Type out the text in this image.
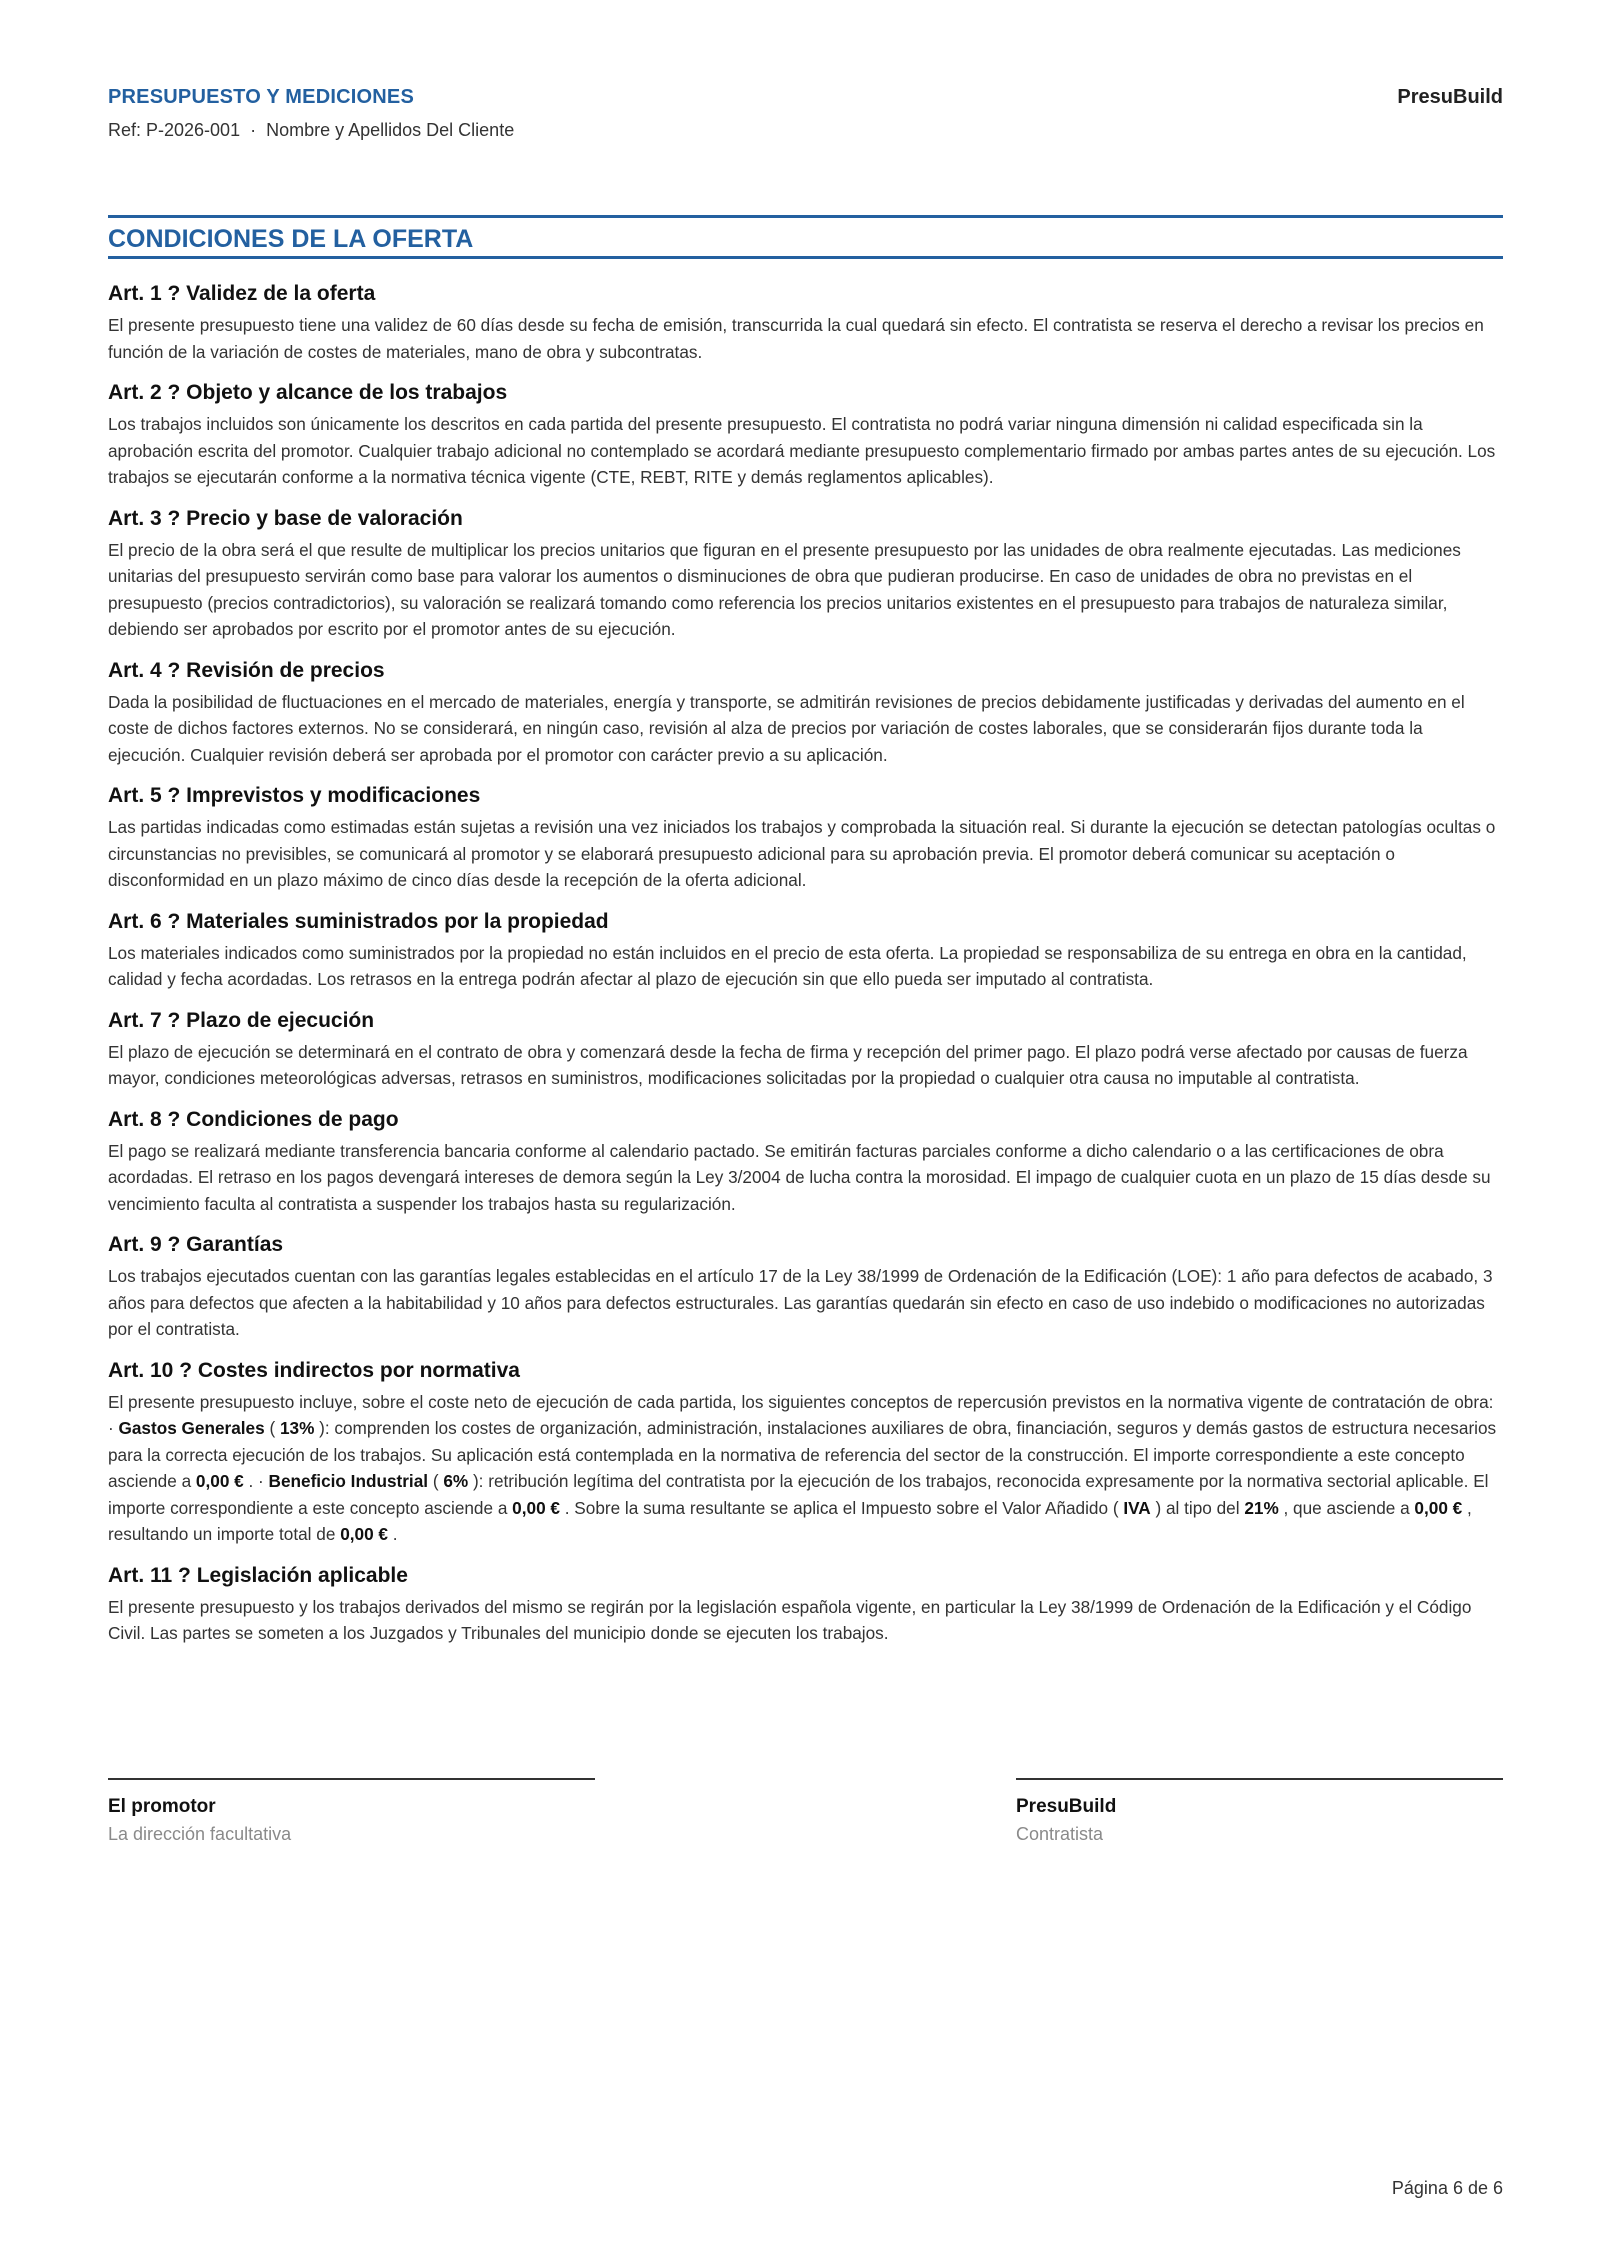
PRESUPUESTO Y MEDICIONES	PresuBuild
Ref: P-2026-001 · Nombre y Apellidos Del Cliente
CONDICIONES DE LA OFERTA
Art. 1 ? Validez de la oferta

El presente presupuesto tiene una validez de 60 días desde su fecha de emisión, transcurrida la cual quedará sin efecto. El contratista se reserva el derecho a revisar los precios en función de la variación de costes de materiales, mano de obra y subcontratas.

Art. 2 ? Objeto y alcance de los trabajos

Los trabajos incluidos son únicamente los descritos en cada partida del presente presupuesto. El contratista no podrá variar ninguna dimensión ni calidad especificada sin la aprobación escrita del promotor. Cualquier trabajo adicional no contemplado se acordará mediante presupuesto complementario firmado por ambas partes antes de su ejecución. Los trabajos se ejecutarán conforme a la normativa técnica vigente (CTE, REBT, RITE y demás reglamentos aplicables).

Art. 3 ? Precio y base de valoración

El precio de la obra será el que resulte de multiplicar los precios unitarios que figuran en el presente presupuesto por las unidades de obra realmente ejecutadas. Las mediciones unitarias del presupuesto servirán como base para valorar los aumentos o disminuciones de obra que pudieran producirse. En caso de unidades de obra no previstas en el presupuesto (precios contradictorios), su valoración se realizará tomando como referencia los precios unitarios existentes en el presupuesto para trabajos de naturaleza similar, debiendo ser aprobados por escrito por el promotor antes de su ejecución.

Art. 4 ? Revisión de precios

Dada la posibilidad de fluctuaciones en el mercado de materiales, energía y transporte, se admitirán revisiones de precios debidamente justificadas y derivadas del aumento en el coste de dichos factores externos. No se considerará, en ningún caso, revisión al alza de precios por variación de costes laborales, que se considerarán fijos durante toda la ejecución. Cualquier revisión deberá ser aprobada por el promotor con carácter previo a su aplicación.

Art. 5 ? Imprevistos y modificaciones

Las partidas indicadas como estimadas están sujetas a revisión una vez iniciados los trabajos y comprobada la situación real. Si durante la ejecución se detectan patologías ocultas o circunstancias no previsibles, se comunicará al promotor y se elaborará presupuesto adicional para su aprobación previa. El promotor deberá comunicar su aceptación o disconformidad en un plazo máximo de cinco días desde la recepción de la oferta adicional.

Art. 6 ? Materiales suministrados por la propiedad

Los materiales indicados como suministrados por la propiedad no están incluidos en el precio de esta oferta. La propiedad se responsabiliza de su entrega en obra en la cantidad, calidad y fecha acordadas. Los retrasos en la entrega podrán afectar al plazo de ejecución sin que ello pueda ser imputado al contratista.

Art. 7 ? Plazo de ejecución

El plazo de ejecución se determinará en el contrato de obra y comenzará desde la fecha de firma y recepción del primer pago. El plazo podrá verse afectado por causas de fuerza mayor, condiciones meteorológicas adversas, retrasos en suministros, modificaciones solicitadas por la propiedad o cualquier otra causa no imputable al contratista.

Art. 8 ? Condiciones de pago

El pago se realizará mediante transferencia bancaria conforme al calendario pactado. Se emitirán facturas parciales conforme a dicho calendario o a las certificaciones de obra acordadas. El retraso en los pagos devengará intereses de demora según la Ley 3/2004 de lucha contra la morosidad. El impago de cualquier cuota en un plazo de 15 días desde su vencimiento faculta al contratista a suspender los trabajos hasta su regularización.

Art. 9 ? Garantías

Los trabajos ejecutados cuentan con las garantías legales establecidas en el artículo 17 de la Ley 38/1999 de Ordenación de la Edificación (LOE): 1 año para defectos de acabado, 3 años para defectos que afecten a la habitabilidad y 10 años para defectos estructurales. Las garantías quedarán sin efecto en caso de uso indebido o modificaciones no autorizadas por el contratista.

Art. 10 ? Costes indirectos por normativa

El presente presupuesto incluye, sobre el coste neto de ejecución de cada partida, los siguientes conceptos de repercusión previstos en la normativa vigente de contratación de obra: · Gastos Generales ( 13% ): comprenden los costes de organización, administración, instalaciones auxiliares de obra, financiación, seguros y demás gastos de estructura necesarios para la correcta ejecución de los trabajos. Su aplicación está contemplada en la normativa de referencia del sector de la construcción. El importe correspondiente a este concepto asciende a 0,00 € . · Beneficio Industrial ( 6% ): retribución legítima del contratista por la ejecución de los trabajos, reconocida expresamente por la normativa sectorial aplicable. El importe correspondiente a este concepto asciende a 0,00 € . Sobre la suma resultante se aplica el Impuesto sobre el Valor Añadido ( IVA ) al tipo del 21% , que asciende a 0,00 € , resultando un importe total de 0,00 € .

Art. 11 ? Legislación aplicable

El presente presupuesto y los trabajos derivados del mismo se regirán por la legislación española vigente, en particular la Ley 38/1999 de Ordenación de la Edificación y el Código Civil. Las partes se someten a los Juzgados y Tribunales del municipio donde se ejecuten los trabajos.

El promotor
La dirección facultativa
PresuBuild
Contratista
Página 6 de 6
